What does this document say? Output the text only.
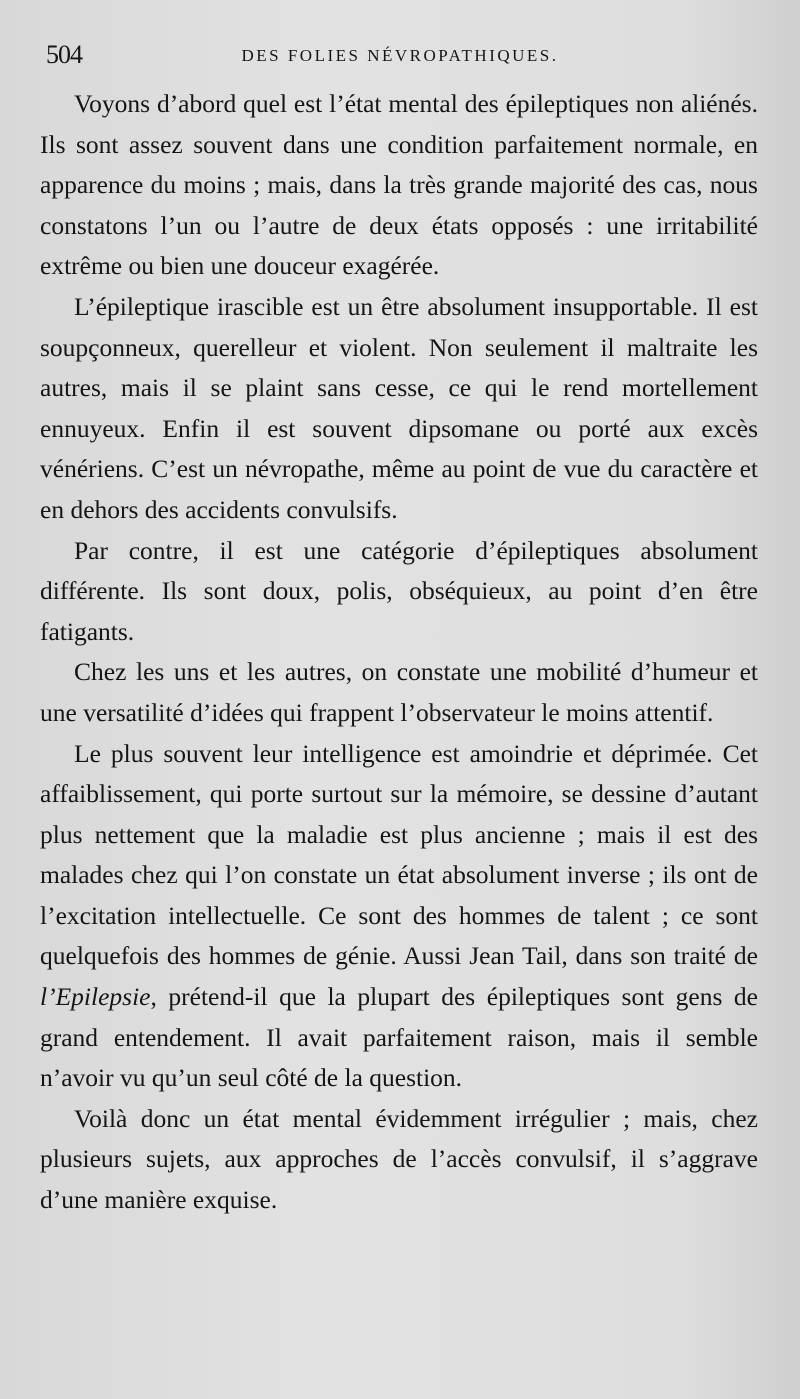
504	DES FOLIES NÉVROPATHIQUES.

Voyons d’abord quel est l’état mental des épileptiques non aliénés. Ils sont assez souvent dans une condition parfaitement normale, en apparence du moins ; mais, dans la très grande majorité des cas, nous constatons l’un ou l’autre de deux états opposés : une irritabilité extrême ou bien une douceur exagérée.

L’épileptique irascible est un être absolument insupportable. Il est soupçonneux, querelleur et violent. Non seulement il maltraite les autres, mais il se plaint sans cesse, ce qui le rend mortellement ennuyeux. Enfin il est souvent dipsomane ou porté aux excès vénériens. C’est un névropathe, même au point de vue du caractère et en dehors des accidents convulsifs.

Par contre, il est une catégorie d’épileptiques absolument différente. Ils sont doux, polis, obséquieux, au point d’en être fatigants.

Chez les uns et les autres, on constate une mobilité d’humeur et une versatilité d’idées qui frappent l’observateur le moins attentif.

Le plus souvent leur intelligence est amoindrie et déprimée. Cet affaiblissement, qui porte surtout sur la mémoire, se dessine d’autant plus nettement que la maladie est plus ancienne ; mais il est des malades chez qui l’on constate un état absolument inverse ; ils ont de l’excitation intellectuelle. Ce sont des hommes de talent ; ce sont quelquefois des hommes de génie. Aussi Jean Tail, dans son traité de l’Epilepsie, prétend-il que la plupart des épileptiques sont gens de grand entendement. Il avait parfaitement raison, mais il semble n’avoir vu qu’un seul côté de la question.

Voilà donc un état mental évidemment irrégulier ; mais, chez plusieurs sujets, aux approches de l’accès convulsif, il s’aggrave d’une manière exquise.
